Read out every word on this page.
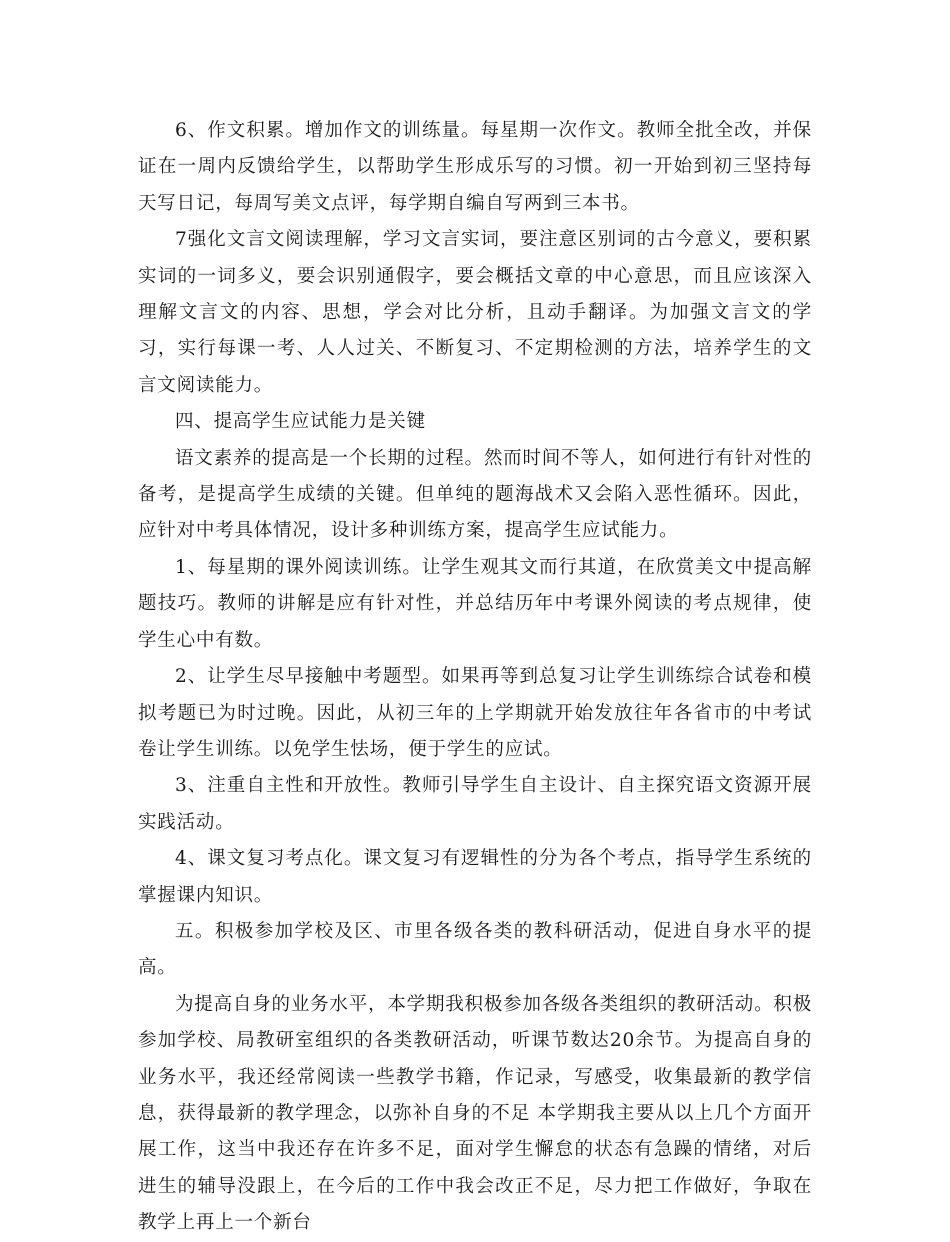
6、作文积累。增加作文的训练量。每星期一次作文。教师全批全改，并保证在一周内反馈给学生，以帮助学生形成乐写的习惯。初一开始到初三坚持每天写日记，每周写美文点评，每学期自编自写两到三本书。

7强化文言文阅读理解，学习文言实词，要注意区别词的古今意义，要积累实词的一词多义，要会识别通假字，要会概括文章的中心意思，而且应该深入理解文言文的内容、思想，学会对比分析，且动手翻译。为加强文言文的学习，实行每课一考、人人过关、不断复习、不定期检测的方法，培养学生的文言文阅读能力。

四、提高学生应试能力是关键

语文素养的提高是一个长期的过程。然而时间不等人，如何进行有针对性的备考，是提高学生成绩的关键。但单纯的题海战术又会陷入恶性循环。因此，应针对中考具体情况，设计多种训练方案，提高学生应试能力。

1、每星期的课外阅读训练。让学生观其文而行其道，在欣赏美文中提高解题技巧。教师的讲解是应有针对性，并总结历年中考课外阅读的考点规律，使学生心中有数。

2、让学生尽早接触中考题型。如果再等到总复习让学生训练综合试卷和模拟考题已为时过晚。因此，从初三年的上学期就开始发放往年各省市的中考试卷让学生训练。以免学生怯场，便于学生的应试。

3、注重自主性和开放性。教师引导学生自主设计、自主探究语文资源开展实践活动。

4、课文复习考点化。课文复习有逻辑性的分为各个考点，指导学生系统的掌握课内知识。

五。积极参加学校及区、市里各级各类的教科研活动，促进自身水平的提高。

为提高自身的业务水平，本学期我积极参加各级各类组织的教研活动。积极参加学校、局教研室组织的各类教研活动，听课节数达20余节。为提高自身的业务水平，我还经常阅读一些教学书籍，作记录，写感受，收集最新的教学信息，获得最新的教学理念，以弥补自身的不足 本学期我主要从以上几个方面开展工作，这当中我还存在许多不足，面对学生懈怠的状态有急躁的情绪，对后进生的辅导没跟上，在今后的工作中我会改正不足，尽力把工作做好，争取在教学上再上一个新台
